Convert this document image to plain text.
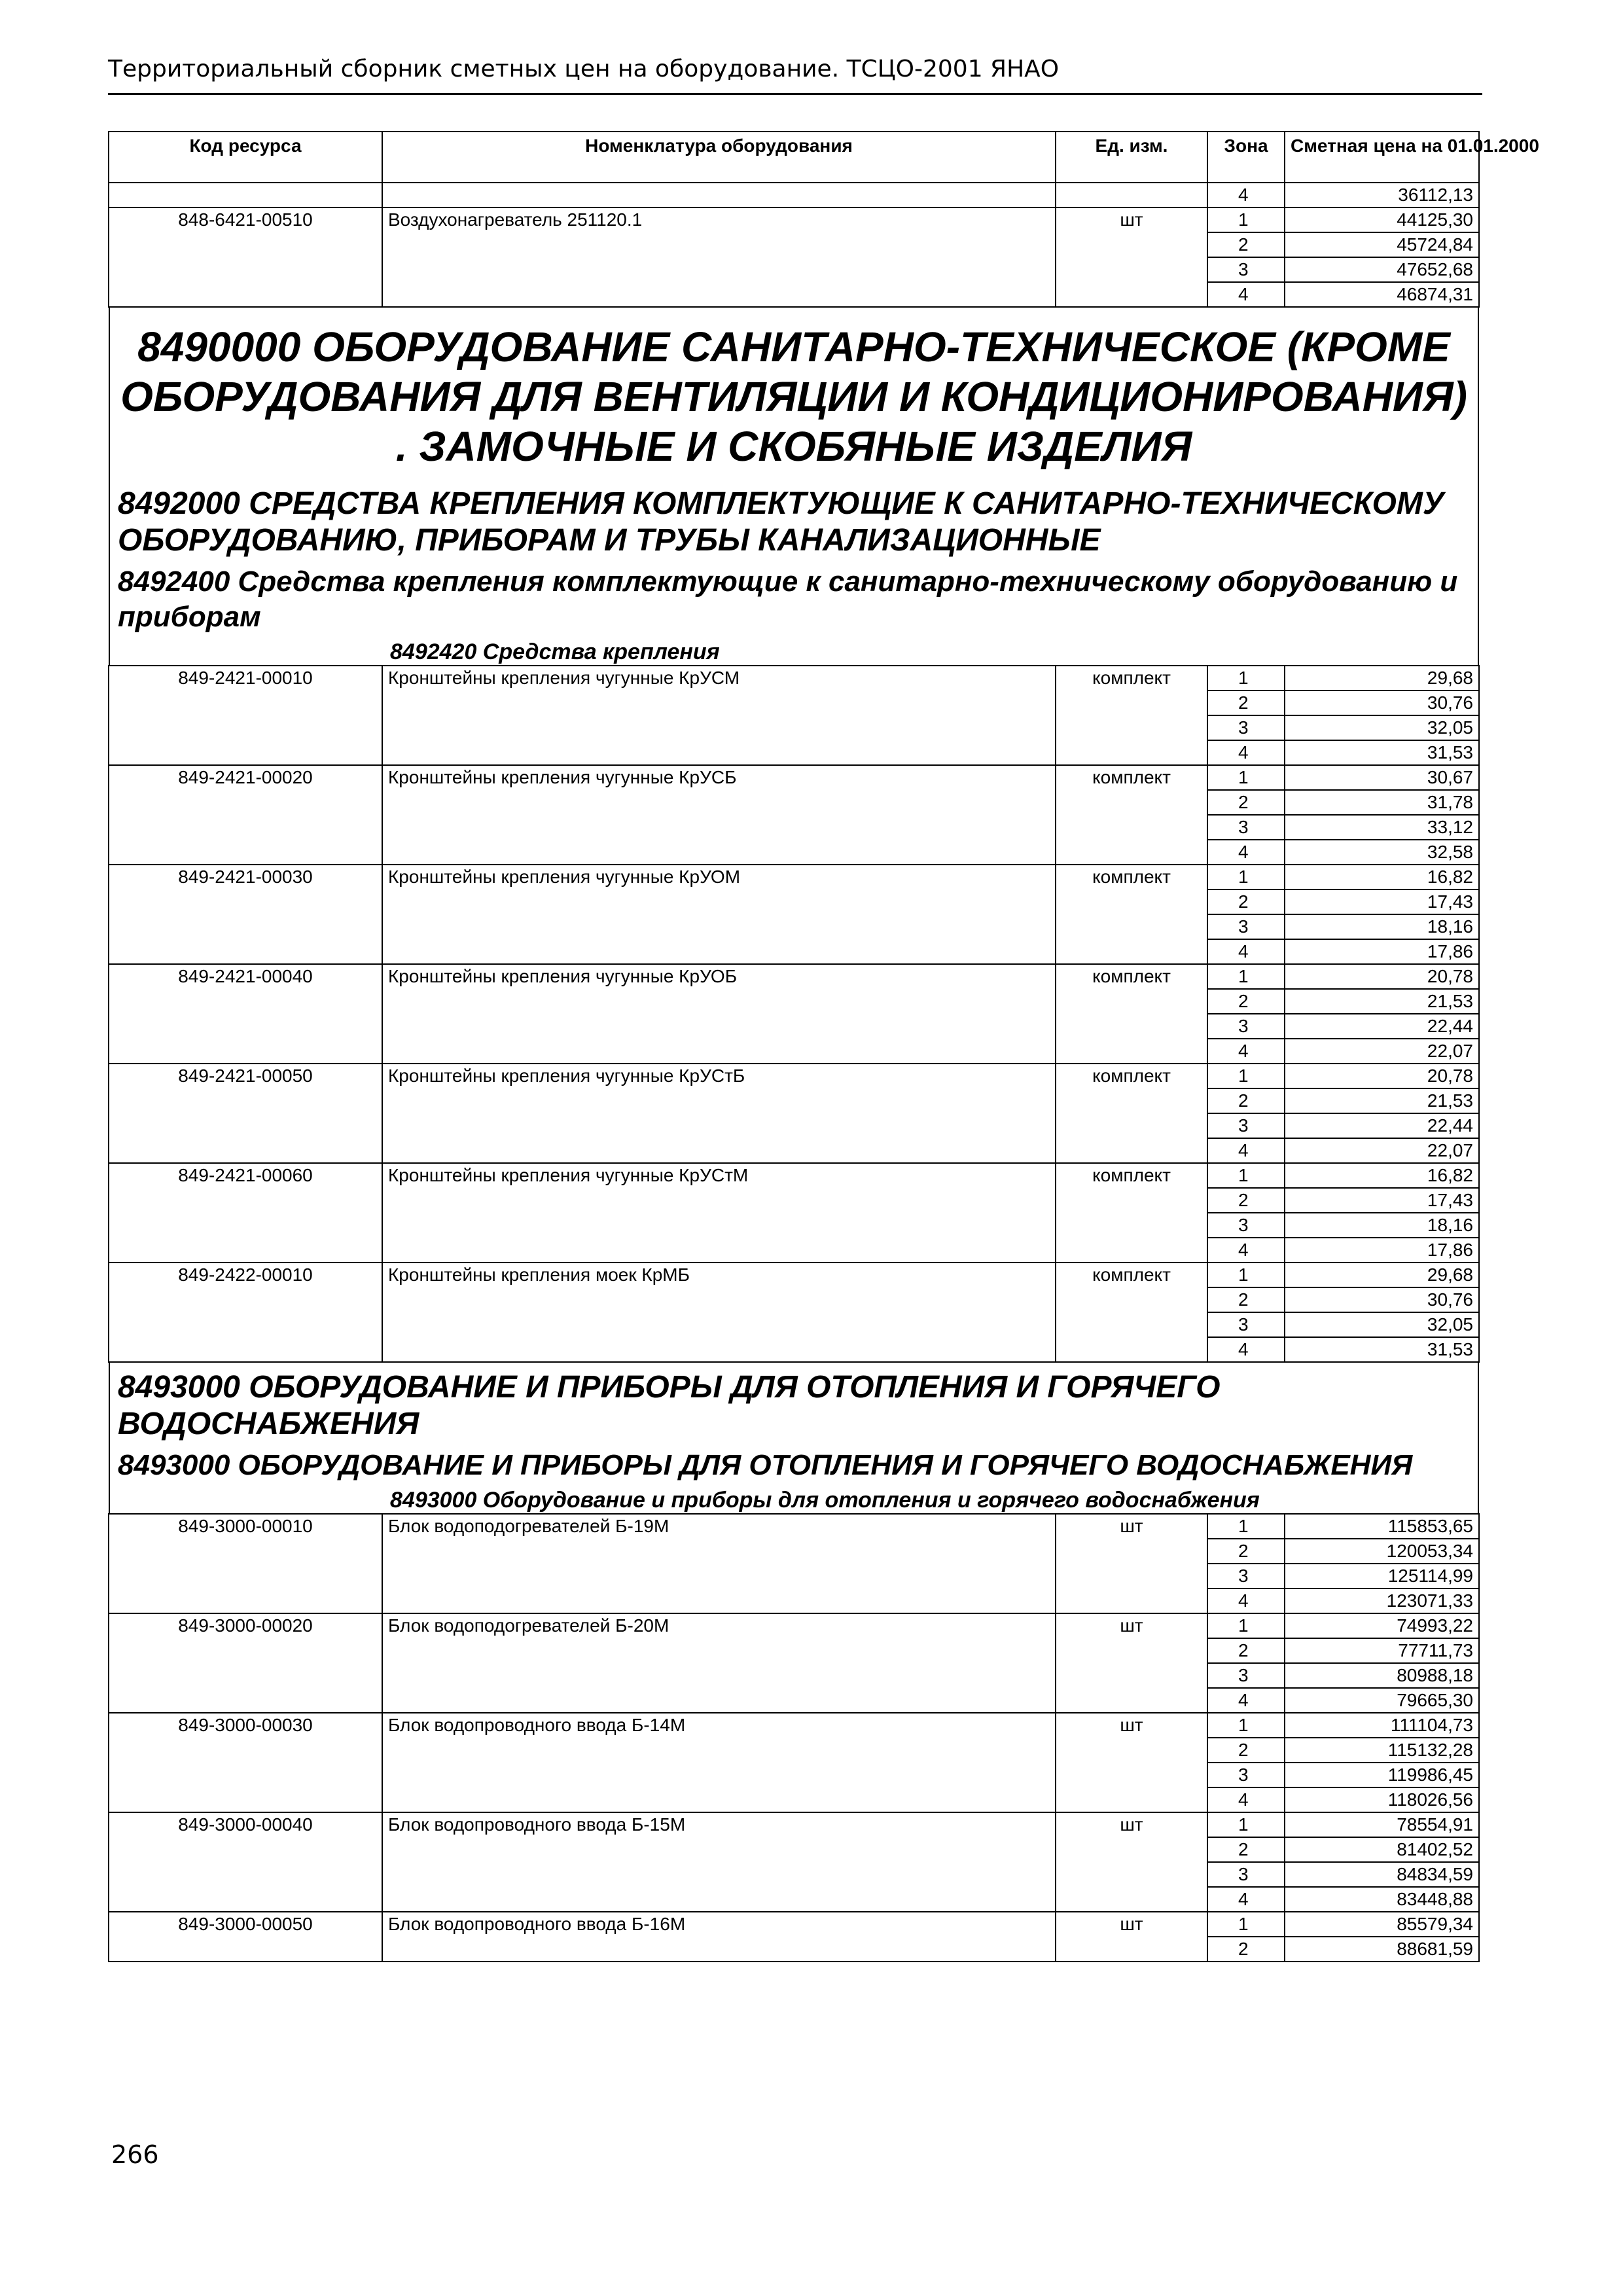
Территориальный сборник сметных цен на оборудование. ТСЦО-2001 ЯНАО
Код ресурса	Номенклатура оборудования	Ед. изм.	Зона	Сметная цена на 01.01.2000
			4	36112,13
848-6421-00510	Воздухонагреватель 251120.1	шт	1	44125,30
			2	45724,84
			3	47652,68
			4	46874,31

8490000 ОБОРУДОВАНИЕ САНИТАРНО-ТЕХНИЧЕСКОЕ (КРОМЕ ОБОРУДОВАНИЯ ДЛЯ ВЕНТИЛЯЦИИ И КОНДИЦИОНИРОВАНИЯ) . ЗАМОЧНЫЕ И СКОБЯНЫЕ ИЗДЕЛИЯ				

8492000 СРЕДСТВА КРЕПЛЕНИЯ КОМПЛЕКТУЮЩИЕ К САНИТАРНО-ТЕХНИЧЕСКОМУ ОБОРУДОВАНИЮ, ПРИБОРАМ И ТРУБЫ КАНАЛИЗАЦИОННЫЕ				

8492400 Средства крепления комплектующие к санитарно-техническому оборудованию и приборам				

8492420 Средства крепления				

849-2421-00010	Кронштейны крепления чугунные КрУСМ	комплект	1	29,68
			2	30,76
			3	32,05
			4	31,53
849-2421-00020	Кронштейны крепления чугунные КрУСБ	комплект	1	30,67
			2	31,78
			3	33,12
			4	32,58
849-2421-00030	Кронштейны крепления чугунные КрУОМ	комплект	1	16,82
			2	17,43
			3	18,16
			4	17,86
849-2421-00040	Кронштейны крепления чугунные КрУОБ	комплект	1	20,78
			2	21,53
			3	22,44
			4	22,07
849-2421-00050	Кронштейны крепления чугунные КрУСтБ	комплект	1	20,78
			2	21,53
			3	22,44
			4	22,07
849-2421-00060	Кронштейны крепления чугунные КрУСтМ	комплект	1	16,82
			2	17,43
			3	18,16
			4	17,86
849-2422-00010	Кронштейны крепления моек КрМБ	комплект	1	29,68
			2	30,76
			3	32,05
			4	31,53

8493000 ОБОРУДОВАНИЕ И ПРИБОРЫ ДЛЯ ОТОПЛЕНИЯ И ГОРЯЧЕГО ВОДОСНАБЖЕНИЯ				

8493000 ОБОРУДОВАНИЕ И ПРИБОРЫ ДЛЯ ОТОПЛЕНИЯ И ГОРЯЧЕГО ВОДОСНАБЖЕНИЯ				

8493000 Оборудование и приборы для отопления и горячего водоснабжения				

849-3000-00010	Блок водоподогревателей Б-19М	шт	1	115853,65
			2	120053,34
			3	125114,99
			4	123071,33
849-3000-00020	Блок водоподогревателей Б-20М	шт	1	74993,22
			2	77711,73
			3	80988,18
			4	79665,30
849-3000-00030	Блок водопроводного ввода Б-14М	шт	1	111104,73
			2	115132,28
			3	119986,45
			4	118026,56
849-3000-00040	Блок водопроводного ввода Б-15М	шт	1	78554,91
			2	81402,52
			3	84834,59
			4	83448,88
849-3000-00050	Блок водопроводного ввода Б-16М	шт	1	85579,34
			2	88681,59
266
